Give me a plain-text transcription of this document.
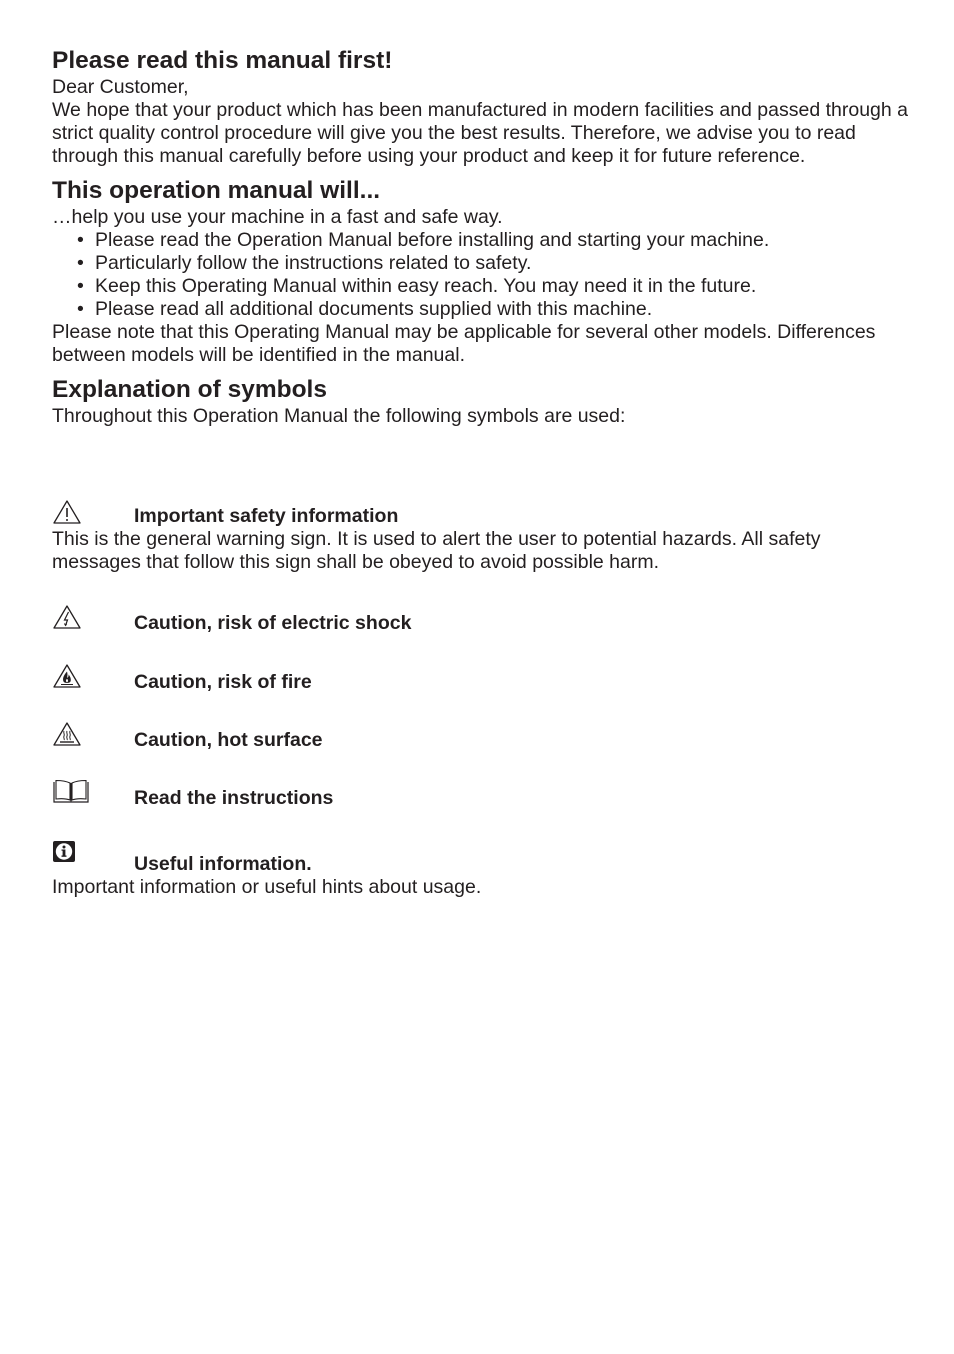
Please read this manual first!

Dear Customer,

We hope that your product which has been manufactured in modern facilities and passed through a strict quality control procedure will give you the best results. Therefore, we advise you to read through this manual carefully before using your product and keep it for future reference.

This operation manual will...

…help you use your machine in a fast and safe way.

• Please read the Operation Manual before installing and starting your machine.
• Particularly follow the instructions related to safety.
• Keep this Operating Manual within easy reach. You may need it in the future.
• Please read all additional documents supplied with this machine.

Please note that this Operating Manual may be applicable for several other models. Differences between models will be identified in the manual.

Explanation of symbols

Throughout this Operation Manual the following symbols are used:

Important safety information

This is the general warning sign. It is used to alert the user to potential hazards. All safety messages that follow this sign shall be obeyed to avoid possible harm.

Caution, risk of electric shock
Caution, risk of fire
Caution, hot surface
Read the instructions
Useful information.

Important information or useful hints about usage.
